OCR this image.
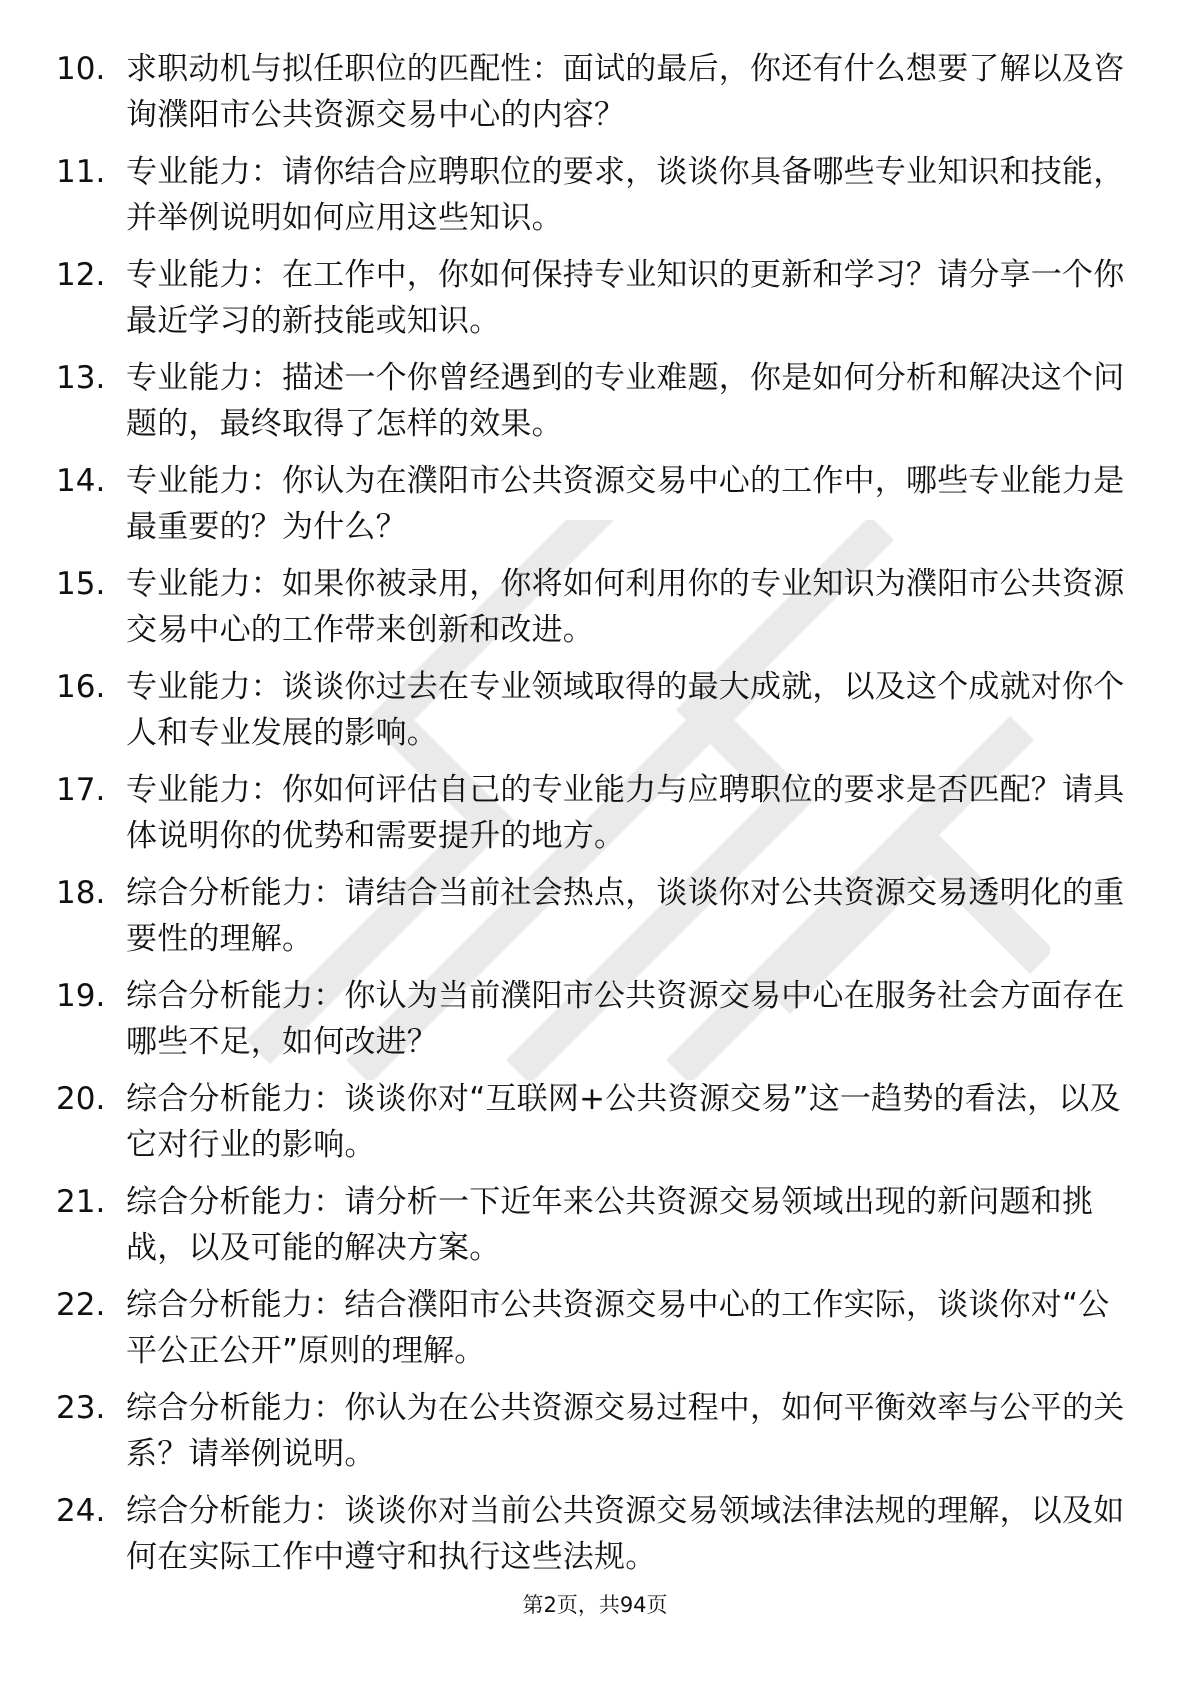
10. 求职动机与拟任职位的匹配性：面试的最后，你还有什么想要了解以及咨询濮阳市公共资源交易中心的内容？
11. 专业能力：请你结合应聘职位的要求，谈谈你具备哪些专业知识和技能，并举例说明如何应用这些知识。
12. 专业能力：在工作中，你如何保持专业知识的更新和学习？请分享一个你最近学习的新技能或知识。
13. 专业能力：描述一个你曾经遇到的专业难题，你是如何分析和解决这个问题的，最终取得了怎样的效果。
14. 专业能力：你认为在濮阳市公共资源交易中心的工作中，哪些专业能力是最重要的？为什么？
15. 专业能力：如果你被录用，你将如何利用你的专业知识为濮阳市公共资源交易中心的工作带来创新和改进。
16. 专业能力：谈谈你过去在专业领域取得的最大成就，以及这个成就对你个人和专业发展的影响。
17. 专业能力：你如何评估自己的专业能力与应聘职位的要求是否匹配？请具体说明你的优势和需要提升的地方。
18. 综合分析能力：请结合当前社会热点，谈谈你对公共资源交易透明化的重要性的理解。
19. 综合分析能力：你认为当前濮阳市公共资源交易中心在服务社会方面存在哪些不足，如何改进？
20. 综合分析能力：谈谈你对“互联网+公共资源交易”这一趋势的看法，以及它对行业的影响。
21. 综合分析能力：请分析一下近年来公共资源交易领域出现的新问题和挑战，以及可能的解决方案。
22. 综合分析能力：结合濮阳市公共资源交易中心的工作实际，谈谈你对“公平公正公开”原则的理解。
23. 综合分析能力：你认为在公共资源交易过程中，如何平衡效率与公平的关系？请举例说明。
24. 综合分析能力：谈谈你对当前公共资源交易领域法律法规的理解，以及如何在实际工作中遵守和执行这些法规。
第2页，共94页
